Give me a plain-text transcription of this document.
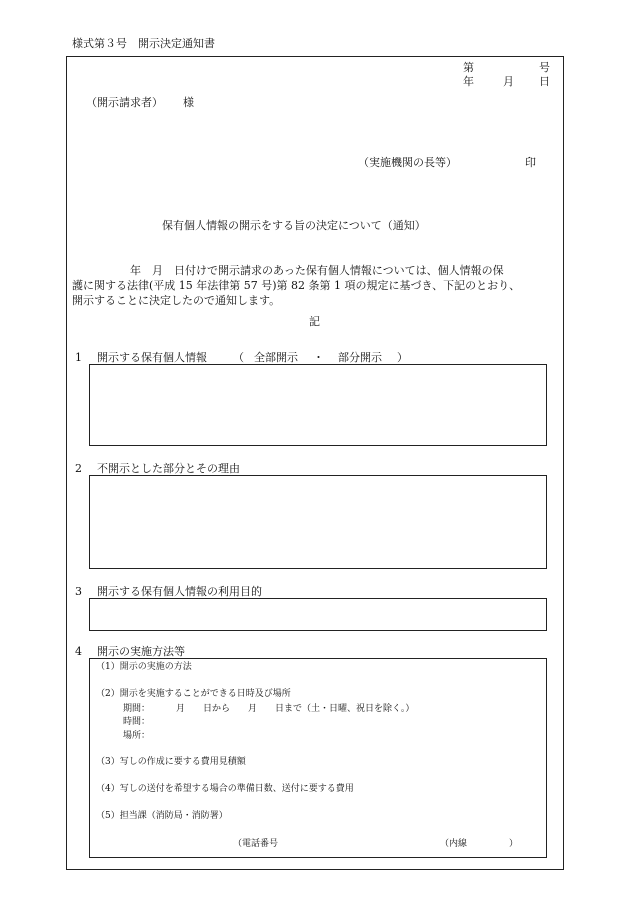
様式第３号　開示決定通知書
第	号
年	月 日
（開示請求者） 様
（実施機関の長等）	印
保有個人情報の開示をする旨の決定について（通知）
　年　月　日付けで開示請求のあった保有個人情報については、個人情報の保
護に関する法律(平成 15 年法律第 57 号)第 82 条第 1 項の規定に基づき、下記のとおり、
開示することに決定したので通知します。
記
1 開示する保有個人情報 （ 全部開示 ・ 部分開示 ）
2 不開示とした部分とその理由
3 開示する保有個人情報の利用目的
4 開示の実施方法等
（1）開示の実施の方法
（2）開示を実施することができる日時及び場所
期間：	月　　日から　　月　　日まで（土・日曜、祝日を除く。）
時間：
場所：
（3）写しの作成に要する費用見積額
（4）写しの送付を希望する場合の準備日数、送付に要する費用
（5）担当課（消防局・消防署）
（電話番号	（内線	）
